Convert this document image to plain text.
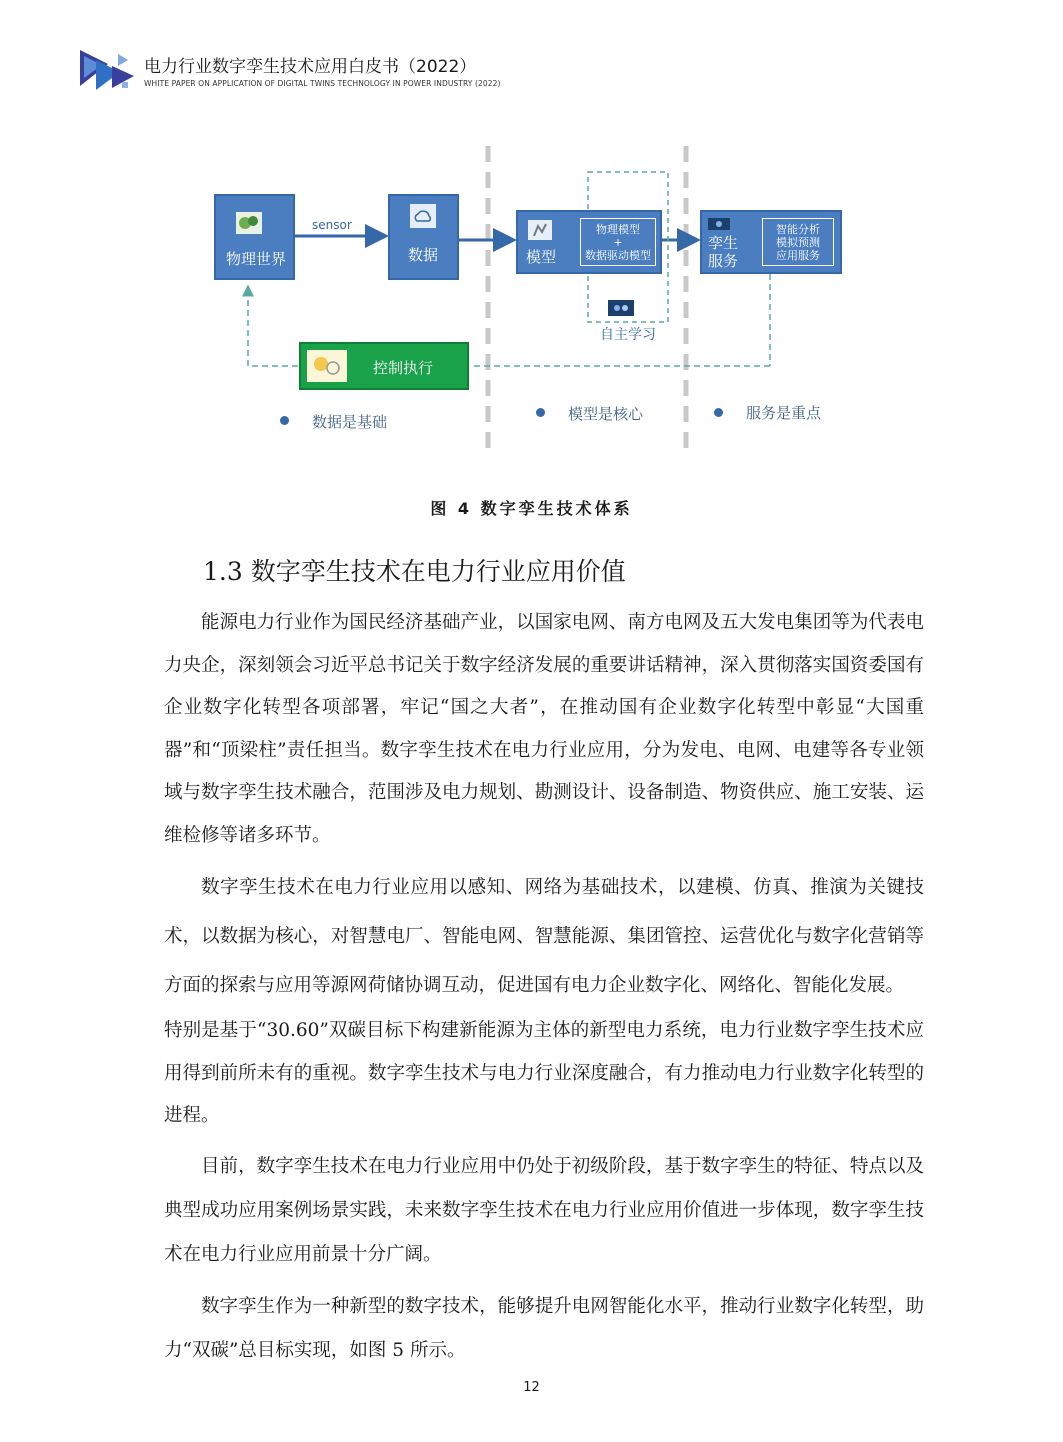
电力行业数字孪生技术应用白皮书（2022）
WHITE PAPER ON APPLICATION OF DIGITAL TWINS TECHNOLOGY IN POWER INDUSTRY (2022)
物理世界
sensor
数据	模型
物理模型
+
数据驱动模型
孪生
服务
智能分析
模拟预测
应用服务
自主学习
控制执行
数据是基础	模型是核心	服务是重点
图 4 数字孪生技术体系
1.3 数字孪生技术在电力行业应用价值

能源电力行业作为国民经济基础产业，以国家电网、南方电网及五大发电集团等为代表电力央企，深刻领会习近平总书记关于数字经济发展的重要讲话精神，深入贯彻落实国资委国有企业数字化转型各项部署，牢记“国之大者”，在推动国有企业数字化转型中彰显“大国重器”和“顶梁柱”责任担当。数字孪生技术在电力行业应用，分为发电、电网、电建等各专业领域与数字孪生技术融合，范围涉及电力规划、勘测设计、设备制造、物资供应、施工安装、运维检修等诸多环节。

数字孪生技术在电力行业应用以感知、网络为基础技术，以建模、仿真、推演为关键技术，以数据为核心，对智慧电厂、智能电网、智慧能源、集团管控、运营优化与数字化营销等方面的探索与应用等源网荷储协调互动，促进国有电力企业数字化、网络化、智能化发展。

特别是基于“30.60”双碳目标下构建新能源为主体的新型电力系统，电力行业数字孪生技术应用得到前所未有的重视。数字孪生技术与电力行业深度融合，有力推动电力行业数字化转型的进程。

目前，数字孪生技术在电力行业应用中仍处于初级阶段，基于数字孪生的特征、特点以及典型成功应用案例场景实践，未来数字孪生技术在电力行业应用价值进一步体现，数字孪生技术在电力行业应用前景十分广阔。

数字孪生作为一种新型的数字技术，能够提升电网智能化水平，推动行业数字化转型，助力“双碳”总目标实现，如图 5 所示。

12
